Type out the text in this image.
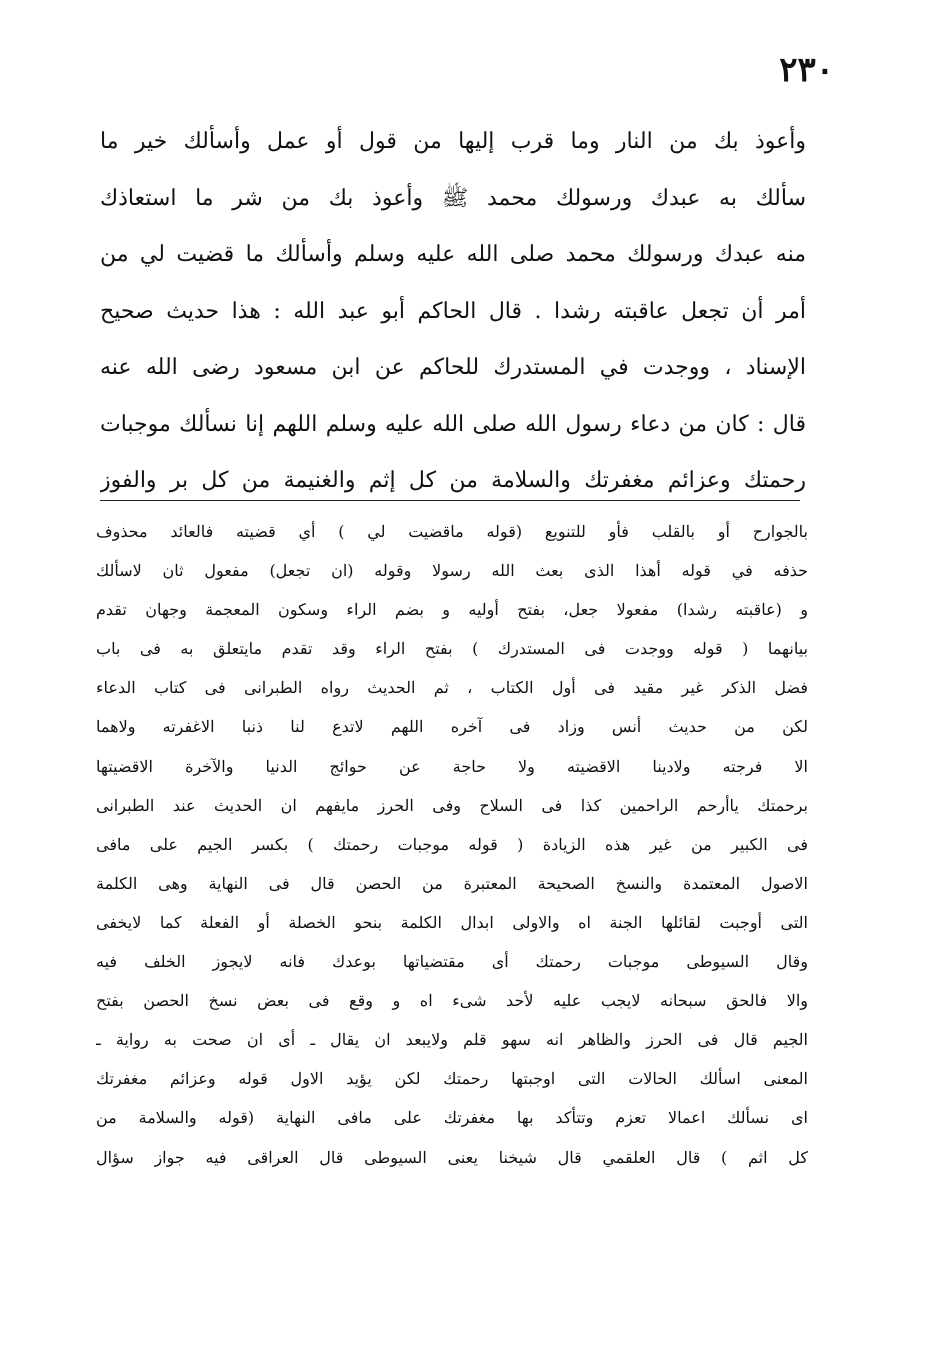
٢٣٠
وأعوذ بك من النار وما قرب إليها من قول أو عمل وأسألك خير ما
سألك به عبدك ورسولك محمد ﷺ وأعوذ بك من شر ما استعاذك
منه عبدك ورسولك محمد صلى الله عليه وسلم وأسألك ما قضيت لي من
أمر أن تجعل عاقبته رشدا . قال الحاكم أبو عبد الله : هذا حديث صحيح
الإسناد ، ووجدت في المستدرك للحاكم عن ابن مسعود رضى الله عنه
قال : كان من دعاء رسول الله صلى الله عليه وسلم اللهم إنا نسألك موجبات
رحمتك وعزائم مغفرتك والسلامة من كل إثم والغنيمة من كل بر والفوز
بالجوارح أو بالقلب فأو للتنويع (قوله ماقضيت لي ) أي قضيته فالعائد محذوف
حذفه في قوله أهذا الذى بعث الله رسولا وقوله (ان تجعل) مفعول ثان لاسألك
و (عاقبته رشدا) مفعولا جعل، بفتح أوليه و بضم الراء وسكون المعجمة وجهان تقدم
بيانهما ( قوله ووجدت فى المستدرك ) بفتح الراء وقد تقدم مايتعلق به فى باب
فضل الذكر غير مقيد فى أول الكتاب ، ثم الحديث رواه الطبرانى فى كتاب الدعاء
لكن من حديث أنس وزاد فى آخره اللهم لاتدع لنا ذنبا الاغفرته ولاهما
الا فرجته ولادينا الاقضيته ولا حاجة عن حوائج الدنيا والآخرة الاقضيتها
برحمتك ياأرحم الراحمين كذا فى السلاح وفى الحرز مايفهم ان الحديث عند الطبرانى
فى الكبير من غير هذه الزيادة ( قوله موجبات رحمتك ) بكسر الجيم على مافى
الاصول المعتمدة والنسخ الصحيحة المعتبرة من الحصن قال فى النهاية وهى الكلمة
التى أوجبت لقائلها الجنة اه والاولى ابدال الكلمة بنحو الخصلة أو الفعلة كما لايخفى
وقال السيوطى موجبات رحمتك أى مقتضياتها بوعدك فانه لايجوز الخلف فيه
والا فالحق سبحانه لايجب عليه لأحد شىء اه و وقع فى بعض نسخ الحصن بفتح
الجيم قال فى الحرز والظاهر انه سهو قلم ولايبعد ان يقال ـ أى ان صحت به رواية ـ
المعنى اسألك الحالات التى اوجبتها رحمتك لكن يؤيد الاول قوله وعزائم مغفرتك
اى نسألك اعمالا تعزم وتتأكد بها مغفرتك على مافى النهاية (قوله والسلامة من
كل اثم ) قال العلقمي قال شيخنا يعنى السيوطى قال العراقى فيه جواز سؤال
